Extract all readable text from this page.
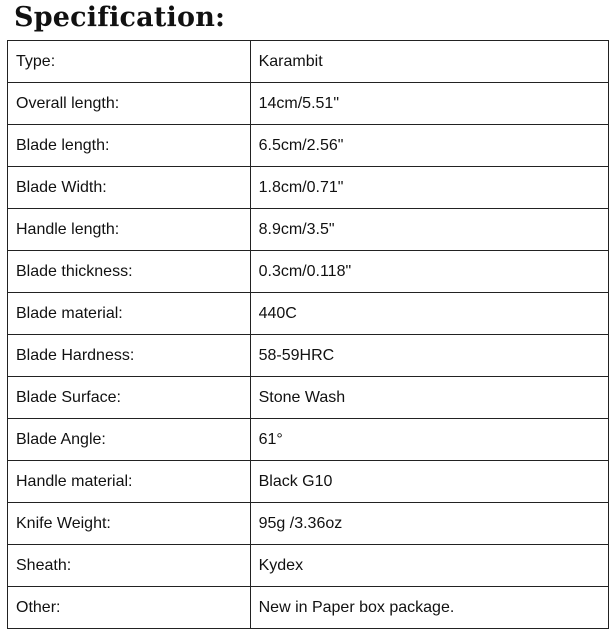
Specification:
Type:	Karambit
Overall length:	14cm/5.51"
Blade length:	6.5cm/2.56"
Blade Width:	1.8cm/0.71"
Handle length:	8.9cm/3.5"
Blade thickness:	0.3cm/0.118"
Blade material:	440C
Blade Hardness:	58-59HRC
Blade Surface:	Stone Wash
Blade Angle:	61°
Handle material:	Black G10
Knife Weight:	95g /3.36oz
Sheath:	Kydex
Other:	New in Paper box package.
